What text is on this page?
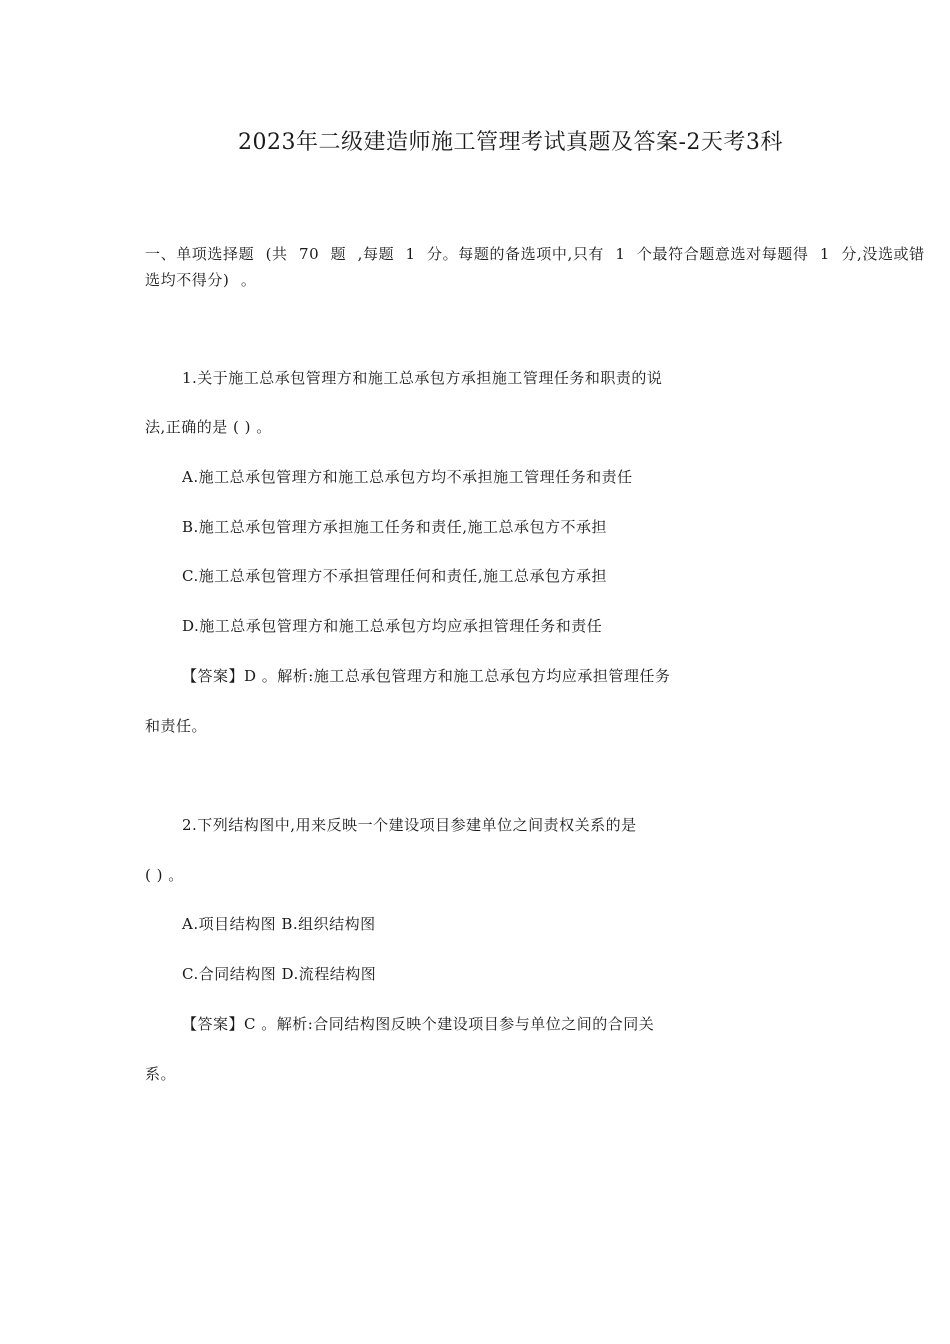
2023年二级建造师施工管理考试真题及答案-2天考3科
一、单项选择题 (共 70 题 ,每题 1 分。每题的备选项中,只有 1 个最符合题意选对每题得 1 分,没选或错选均不得分) 。
1.关于施工总承包管理方和施工总承包方承担施工管理任务和职责的说
法,正确的是 ( ) 。
A.施工总承包管理方和施工总承包方均不承担施工管理任务和责任
B.施工总承包管理方承担施工任务和责任,施工总承包方不承担
C.施工总承包管理方不承担管理任何和责任,施工总承包方承担
D.施工总承包管理方和施工总承包方均应承担管理任务和责任
【答案】D 。解析:施工总承包管理方和施工总承包方均应承担管理任务
和责任。
2.下列结构图中,用来反映一个建设项目参建单位之间责权关系的是
( ) 。
A.项目结构图 B.组织结构图
C.合同结构图 D.流程结构图
【答案】C 。解析:合同结构图反映个建设项目参与单位之间的合同关
系。
